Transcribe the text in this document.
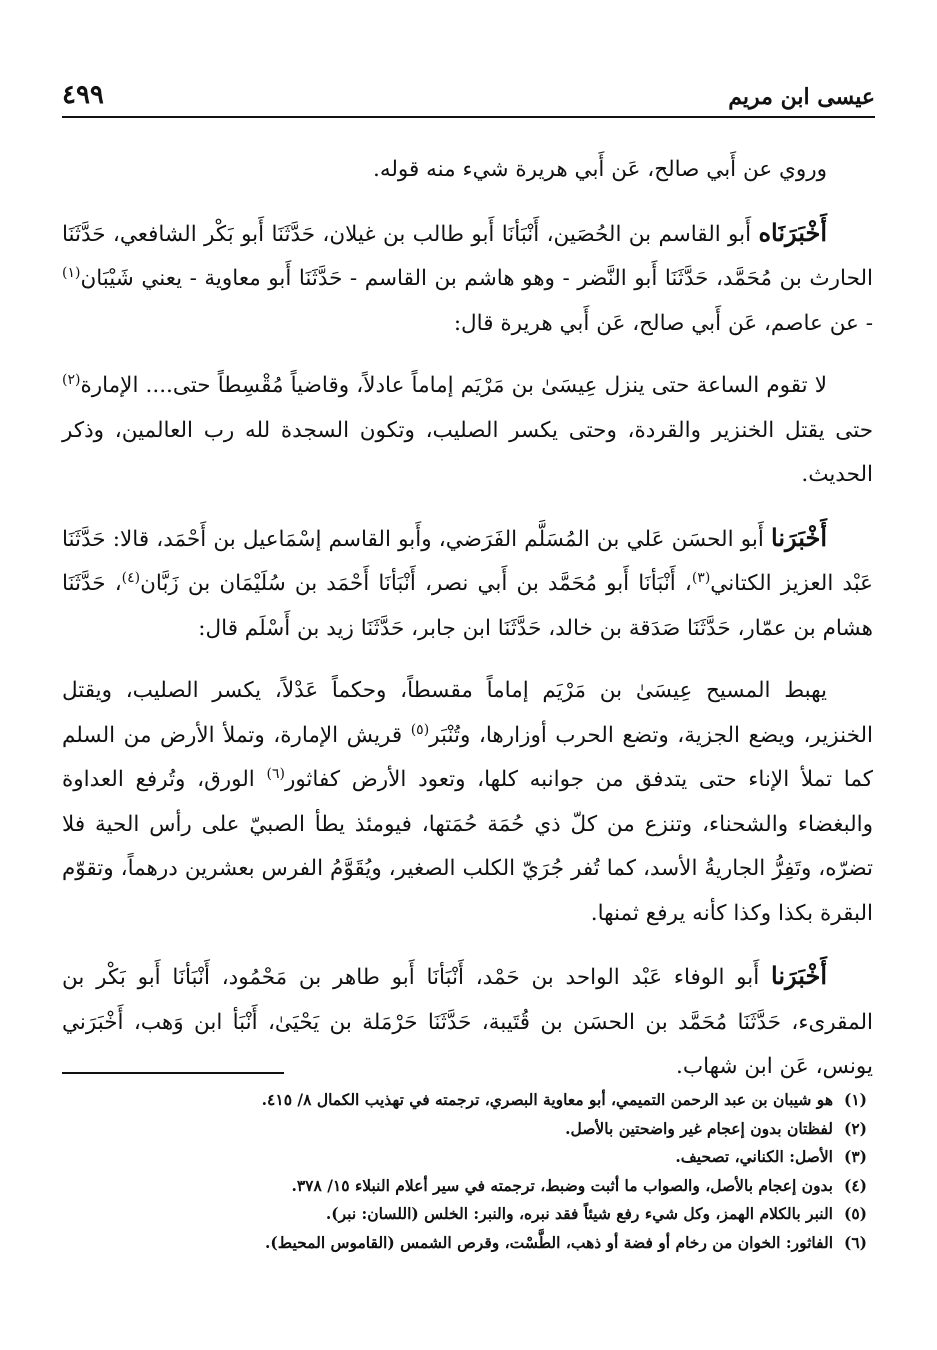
عيسى ابن مريم
٤٩٩

وروي عن أَبي صالح، عَن أَبي هريرة شيء منه قوله.

أَخْبَرَنَاه أَبو القاسم بن الحُصَين، أَنْبَأنَا أَبو طالب بن غيلان، حَدَّثَنَا أَبو بَكْر الشافعي، حَدَّثَنَا الحارث بن مُحَمَّد، حَدَّثَنَا أَبو النَّضر - وهو هاشم بن القاسم - حَدَّثَنَا أَبو معاوية - يعني شَيْبَان$^{(١)}$ - عن عاصم، عَن أَبي صالح، عَن أَبي هريرة قال:

لا تقوم الساعة حتى ينزل عِيسَىٰ بن مَرْيَم إماماً عادلاً، وقاضياً مُقْسِطاً حتى.... الإمارة$^{(٢)}$ حتى يقتل الخنزير والقردة، وحتى يكسر الصليب، وتكون السجدة لله رب العالمين، وذكر الحديث.

أَخْبَرَنا أَبو الحسَن عَلي بن المُسَلَّم الفَرَضي، وأَبو القاسم إسْمَاعيل بن أَحْمَد، قالا: حَدَّثَنَا عَبْد العزيز الكتاني$^{(٣)}$، أَنْبَأنَا أَبو مُحَمَّد بن أَبي نصر، أَنْبَأنَا أَحْمَد بن سُلَيْمَان بن زَبَّان$^{(٤)}$، حَدَّثَنَا هشام بن عمّار، حَدَّثَنَا صَدَقة بن خالد، حَدَّثَنَا ابن جابر، حَدَّثَنَا زيد بن أَسْلَم قال:

يهبط المسيح عِيسَىٰ بن مَرْيَم إماماً مقسطاً، وحكماً عَدْلاً، يكسر الصليب، ويقتل الخنزير، ويضع الجزية، وتضع الحرب أوزارها، وتُنْبَر$^{(٥)}$ قريش الإمارة، وتملأ الأرض من السلم كما تملأ الإناء حتى يتدفق من جوانبه كلها، وتعود الأرض كفاثور$^{(٦)}$ الورق، وتُرفع العداوة والبغضاء والشحناء، وتنزع من كلّ ذي حُمَة حُمَتها، فيومئذ يطأ الصبيّ على رأس الحية فلا تضرّه، وتَفِرُّ الجاريةُ الأسد، كما تُفر جُرَيّ الكلب الصغير، ويُقَوَّمُ الفرس بعشرين درهماً، وتقوّم البقرة بكذا وكذا كأنه يرفع ثمنها.

أَخْبَرَنا أَبو الوفاء عَبْد الواحد بن حَمْد، أَنْبَأنَا أَبو طاهر بن مَحْمُود، أَنْبَأنَا أَبو بَكْر بن المقرىء، حَدَّثَنَا مُحَمَّد بن الحسَن بن قُتَيبة، حَدَّثَنَا حَرْمَلة بن يَحْيَىٰ، أَنْبَأ ابن وَهب، أَخْبَرَني يونس، عَن ابن شهاب.

(١)
هو شيبان بن عبد الرحمن التميمي، أبو معاوية البصري، ترجمته في تهذيب الكمال ٨/ ٤١٥.
(٢)
لفظتان بدون إعجام غير واضحتين بالأصل.
(٣)
الأصل: الكناني، تصحيف.
(٤)
بدون إعجام بالأصل، والصواب ما أثبت وضبط، ترجمته في سير أعلام النبلاء ١٥/ ٣٧٨.
(٥)
النبر بالكلام الهمز، وكل شيء رفع شيئاً فقد نبره، والنبر: الخلس (اللسان: نبر).
(٦)
الفاثور: الخوان من رخام أو فضة أو ذهب، الطَّسْت، وقرص الشمس (القاموس المحيط).
